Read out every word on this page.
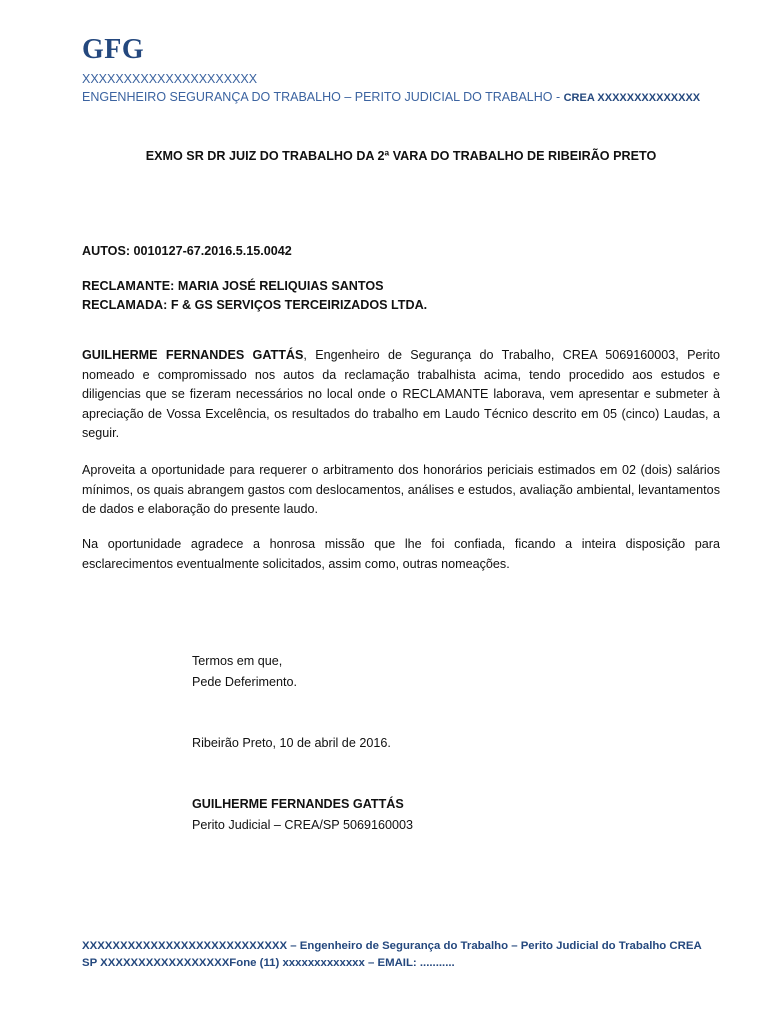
GFG
XXXXXXXXXXXXXXXXXXXXX
ENGENHEIRO SEGURANÇA DO TRABALHO – PERITO JUDICIAL DO TRABALHO - CREA XXXXXXXXXXXXXX
EXMO SR DR JUIZ DO TRABALHO DA 2ª VARA DO TRABALHO DE RIBEIRÃO PRETO
AUTOS: 0010127-67.2016.5.15.0042
RECLAMANTE: MARIA JOSÉ RELIQUIAS SANTOS
RECLAMADA: F & GS SERVIÇOS TERCEIRIZADOS LTDA.

GUILHERME FERNANDES GATTÁS, Engenheiro de Segurança do Trabalho, CREA 5069160003, Perito nomeado e compromissado nos autos da reclamação trabalhista acima, tendo procedido aos estudos e diligencias que se fizeram necessários no local onde o RECLAMANTE laborava, vem apresentar e submeter à apreciação de Vossa Excelência, os resultados do trabalho em Laudo Técnico descrito em 05 (cinco) Laudas, a seguir.

Aproveita a oportunidade para requerer o arbitramento dos honorários periciais estimados em 02 (dois) salários mínimos, os quais abrangem gastos com deslocamentos, análises e estudos, avaliação ambiental, levantamentos de dados e elaboração do presente laudo.

Na oportunidade agradece a honrosa missão que lhe foi confiada, ficando a inteira disposição para esclarecimentos eventualmente solicitados, assim como, outras nomeações.

Termos em que,
Pede Deferimento.
Ribeirão Preto, 10 de abril de 2016.
GUILHERME FERNANDES GATTÁS
Perito Judicial – CREA/SP 5069160003
XXXXXXXXXXXXXXXXXXXXXXXXXXX – Engenheiro de Segurança do Trabalho – Perito Judicial do Trabalho CREA
SP XXXXXXXXXXXXXXXXXFone (11) xxxxxxxxxxxxx – EMAIL: ...........
